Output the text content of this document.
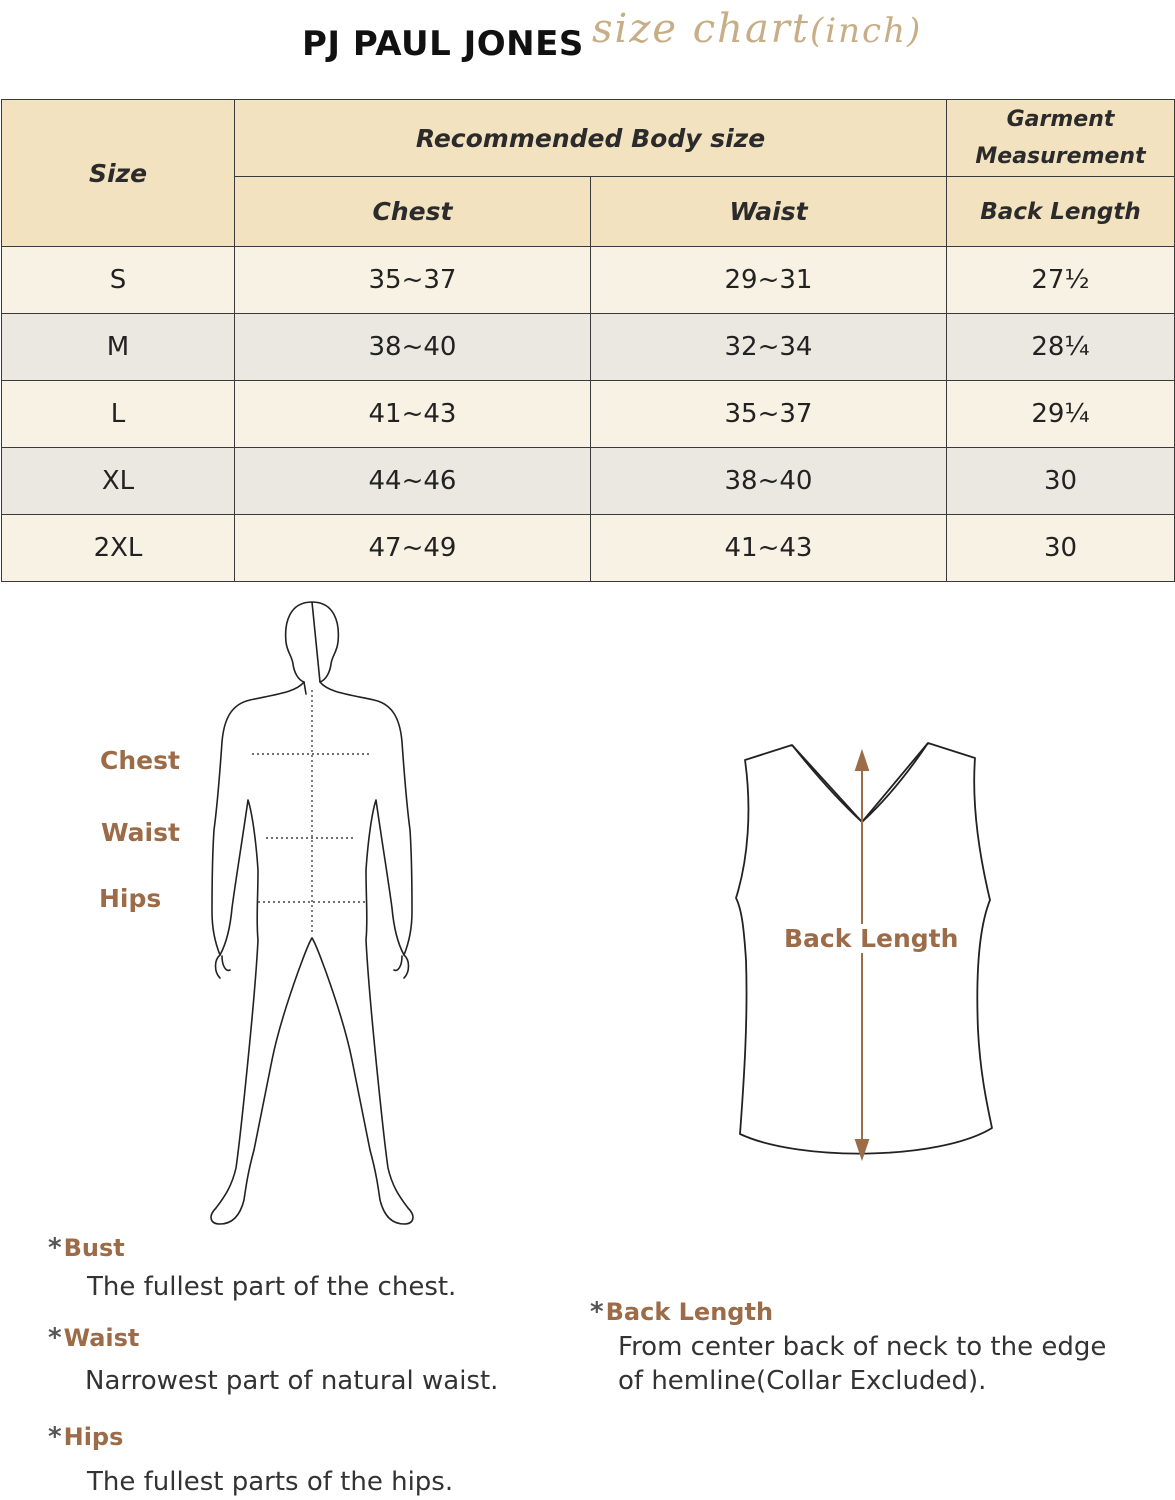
PJ PAUL JONES size chart(inch)
Size	Recommended Body size		Garment
Measurement

	Chest	Waist	Back Length
S	35~37	29~31	27½
M	38~40	32~34	28¼
L	41~43	35~37	29¼
XL	44~46	38~40	30
2XL	47~49	41~43	30
Chest
Waist
Hips
Back Length
*Bust
The fullest part of the chest.
*Waist
Narrowest part of natural waist.
*Hips
The fullest parts of the hips.
*Back Length
From center back of neck to the edge
of hemline(Collar Excluded).
